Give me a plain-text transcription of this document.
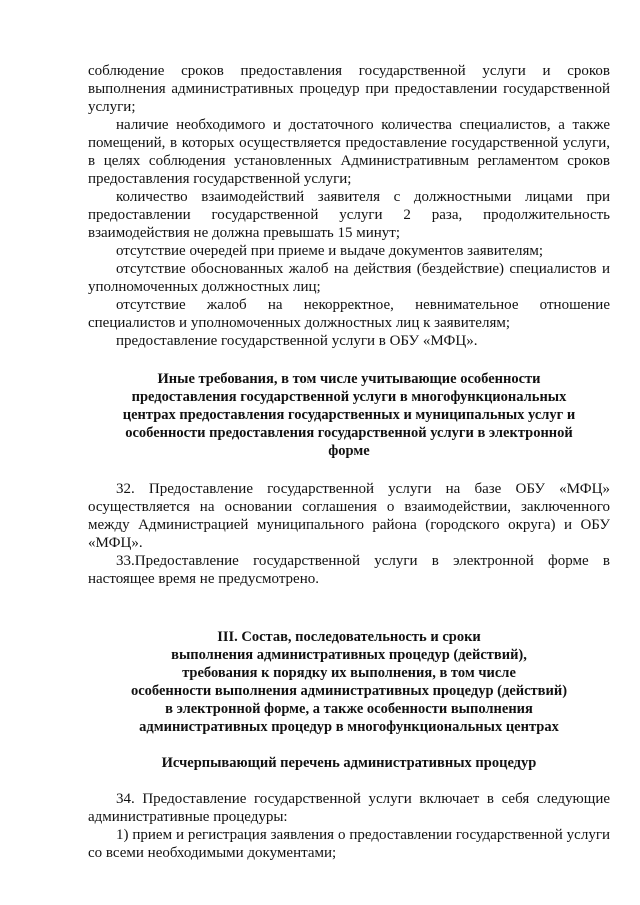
соблюдение сроков предоставления государственной услуги и сроков выполнения административных процедур при предоставлении государственной услуги;

наличие необходимого и достаточного количества специалистов, а также помещений, в которых осуществляется предоставление государственной услуги, в целях соблюдения установленных Административным регламентом сроков предоставления государственной услуги;

количество взаимодействий заявителя с должностными лицами при предоставлении государственной услуги 2 раза, продолжительность взаимодействия не должна превышать 15 минут;

отсутствие очередей при приеме и выдаче документов заявителям;

отсутствие обоснованных жалоб на действия (бездействие) специалистов и уполномоченных должностных лиц;

отсутствие жалоб на некорректное, невнимательное отношение специалистов и уполномоченных должностных лиц к заявителям;

предоставление государственной услуги в ОБУ «МФЦ».

Иные требования, в том числе учитывающие особенности

предоставления государственной услуги в многофункциональных

центрах предоставления государственных и муниципальных услуг и

особенности предоставления государственной услуги в электронной

форме

32. Предоставление государственной услуги на базе ОБУ «МФЦ» осуществляется на основании соглашения о взаимодействии, заключенного между Администрацией муниципального района (городского округа) и ОБУ «МФЦ».

33.Предоставление государственной услуги в электронной форме в настоящее время не предусмотрено.

III. Состав, последовательность и сроки

выполнения административных процедур (действий),

требования к порядку их выполнения, в том числе

особенности выполнения административных процедур (действий)

в электронной форме, а также особенности выполнения

административных процедур в многофункциональных центрах

Исчерпывающий перечень административных процедур

34. Предоставление государственной услуги включает в себя следующие административные процедуры:

1) прием и регистрация заявления о предоставлении государственной услуги со всеми необходимыми документами;
